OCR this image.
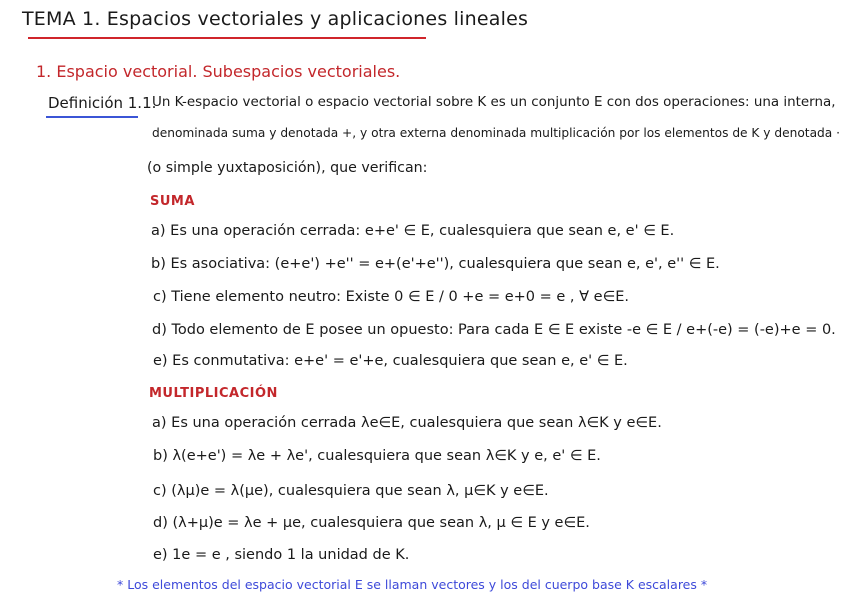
TEMA 1. Espacios vectoriales y aplicaciones lineales
1. Espacio vectorial. Subespacios vectoriales.
Definición 1.1.
Un K-espacio vectorial o espacio vectorial sobre K es un conjunto E con dos operaciones: una interna,
denominada suma y denotada +, y otra externa denominada multiplicación por los elementos de K y denotada ·
(o simple yuxtaposición), que verifican:
SUMA
a) Es una operación cerrada: e+e' ∈ E, cualesquiera que sean e, e' ∈ E.
b) Es asociativa: (e+e') +e'' = e+(e'+e''), cualesquiera que sean e, e', e'' ∈ E.
c) Tiene elemento neutro: Existe 0 ∈ E / 0 +e = e+0 = e , ∀ e∈E.
d) Todo elemento de E posee un opuesto: Para cada E ∈ E existe -e ∈ E / e+(-e) = (-e)+e = 0.
e) Es conmutativa: e+e' = e'+e, cualesquiera que sean e, e' ∈ E.
MULTIPLICACIÓN
a) Es una operación cerrada λe∈E, cualesquiera que sean λ∈K y e∈E.
b) λ(e+e') = λe + λe', cualesquiera que sean λ∈K y e, e' ∈ E.
c) (λμ)e = λ(μe), cualesquiera que sean λ, μ∈K y e∈E.
d) (λ+μ)e = λe + μe, cualesquiera que sean λ, μ ∈ E y e∈E.
e) 1e = e , siendo 1 la unidad de K.
* Los elementos del espacio vectorial E se llaman vectores y los del cuerpo base K escalares *
